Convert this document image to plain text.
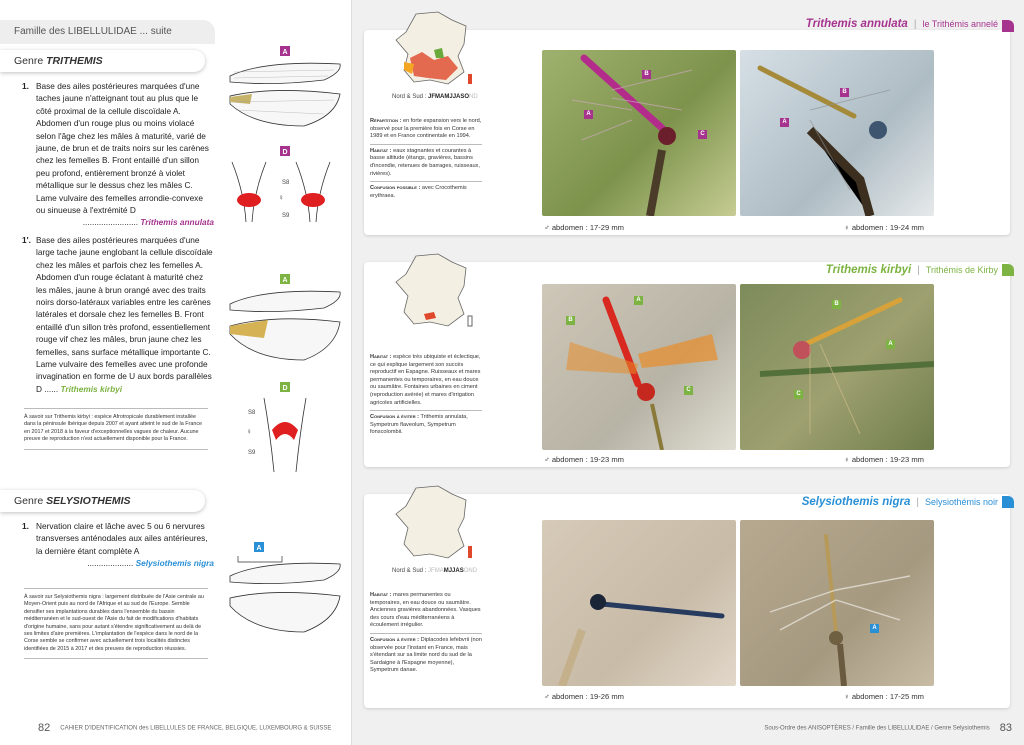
Famille des LIBELLULIDAE ... suite
Genre TRITHEMIS
1. Base des ailes postérieures marquées d'une taches jaune n'atteignant tout au plus que le côté proximal de la cellule discoïdale A. Abdomen d'un rouge plus ou moins violacé selon l'âge chez les mâles à maturité, varié de jaune, de brun et de traits noirs sur les carènes chez les femelles B. Front entaillé d'un sillon peu profond, entièrement bronzé à violet métallique sur le dessus chez les mâles C. Lame vulvaire des femelles arrondie-convexe ou sinueuse à l'extrémité D
........................ Trithemis annulata
1'. Base des ailes postérieures marquées d'une large tache jaune englobant la cellule discoïdale chez les mâles et parfois chez les femelles A. Abdomen d'un rouge éclatant à maturité chez les mâles, jaune à brun orangé avec des traits noirs dorso-latéraux variables entre les carènes latérales et dorsale chez les femelles B. Front entaillé d'un sillon très profond, essentiellement rouge vif chez les mâles, brun jaune chez les femelles, sans surface métallique importante C. Lame vulvaire des femelles avec une profonde invagination en forme de U aux bords parallèles D ...... Trithemis kirbyi
À savoir sur Trithemis kirbyi : espèce Afrotropicale durablement installée dans la péninsule Ibérique depuis 2007 et ayant atteint le sud de la France en 2017 et 2018 à la faveur d'exceptionnelles vagues de chaleur. Aucune preuve de reproduction n'est actuellement disponible pour la France.
Genre SELYSIOTHEMIS
1. Nervation claire et lâche avec 5 ou 6 nervures transverses anténodales aux ailes antérieures, la dernière étant complète A
.................... Selysiothemis nigra
À savoir sur Selysiothemis nigra : largement distribuée de l'Asie centrale au Moyen-Orient puis au nord de l'Afrique et au sud de l'Europe. Semble densifier ses implantations durables dans l'ensemble du bassin méditerranéen et le sud-ouest de l'Asie du fait de modifications d'habitats d'origine humaine, sans pour autant s'étendre significativement au delà de ses limites d'aire premières. L'implantation de l'espèce dans le nord de la Corse semble se confirmer avec actuellement trois localités distinctes identifiées de 2015 à 2017 et des preuves de reproduction réussies.
A
D
S8
♀
S9
A
D
S8
♀
S9
A
82 CAHIER D'IDENTIFICATION des LIBELLULES DE FRANCE, BELGIQUE, LUXEMBOURG & SUISSE
Trithemis annulata | le Trithémis annelé
Nord & Sud : JFMAMJJASOND
Répartition : en forte expansion vers le nord, observé pour la première fois en Corse en 1989 et en France continentale en 1994.
Habitat : eaux stagnantes et courantes à basse altitude (étangs, gravières, bassins d'incendie, retenues de barrages, ruisseaux, rivières).
Confusion possible : avec Crocothemis erythraea.
B
A
C
B
A
♂ abdomen : 17-29 mm	♀ abdomen : 19-24 mm
Trithemis kirbyi | Trithémis de Kirby
Habitat : espèce très ubiquiste et éclectique, ce qui explique largement son succès reproductif en Espagne. Ruisseaux et mares permanentes ou temporaires, en eau douce ou saumâtre. Fontaines urbaines en ciment (reproduction avérée) et mares d'irrigation agricoles artificielles.
Confusion à éviter : Trithemis annulata, Sympetrum flaveolum, Sympetrum fonscolombii.
A
B
C
B
A
C
♂ abdomen : 19-23 mm	♀ abdomen : 19-23 mm
Selysiothemis nigra | Selysiothémis noir
Nord & Sud : JFMAMJJASOND
Habitat : mares permanentes ou temporaires, en eau douce ou saumâtre. Anciennes gravières abandonnées. Vasques des cours d'eau méditerranéens à écoulement irrégulier.
Confusion à éviter : Diplacodes lefebvrii (non observée pour l'instant en France, mais s'étendant sur sa limite nord du sud de la Sardaigne à l'Espagne moyenne), Sympetrum danae.
A
♂ abdomen : 19-26 mm	♀ abdomen : 17-25 mm
Sous-Ordre des ANISOPTÈRES / Famille des LIBELLULIDAE / Genre Selysiothemis 83
